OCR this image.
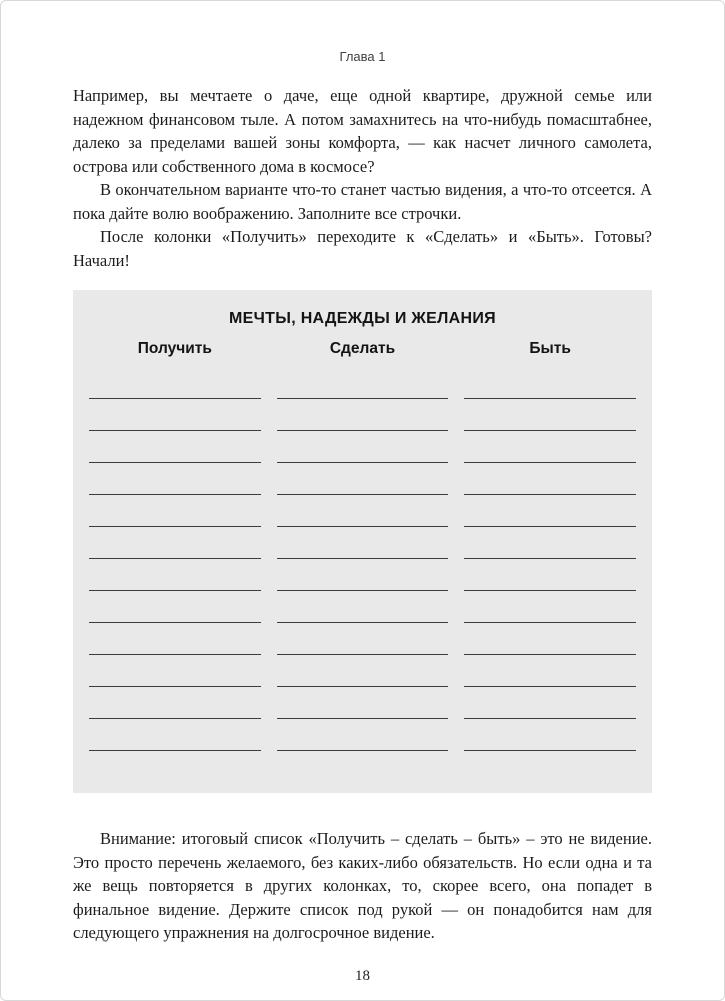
Глава 1

Например, вы мечтаете о даче, еще одной квартире, дружной семье или надежном финансовом тыле. А потом замахнитесь на что-нибудь помасштабнее, далеко за пределами вашей зоны комфорта, — как насчет личного самолета, острова или собственного дома в космосе?

В окончательном варианте что-то станет частью видения, а что-то отсеется. А пока дайте волю воображению. Заполните все строчки.

После колонки «Получить» переходите к «Сделать» и «Быть». Готовы? Начали!

МЕЧТЫ, НАДЕЖДЫ И ЖЕЛАНИЯ
Получить	Сделать	Быть

Внимание: итоговый список «Получить – сделать – быть» – это не видение. Это просто перечень желаемого, без каких-либо обязательств. Но если одна и та же вещь повторяется в других колонках, то, скорее всего, она попадет в финальное видение. Держите список под рукой — он понадобится нам для следующего упражнения на долгосрочное видение.

18
